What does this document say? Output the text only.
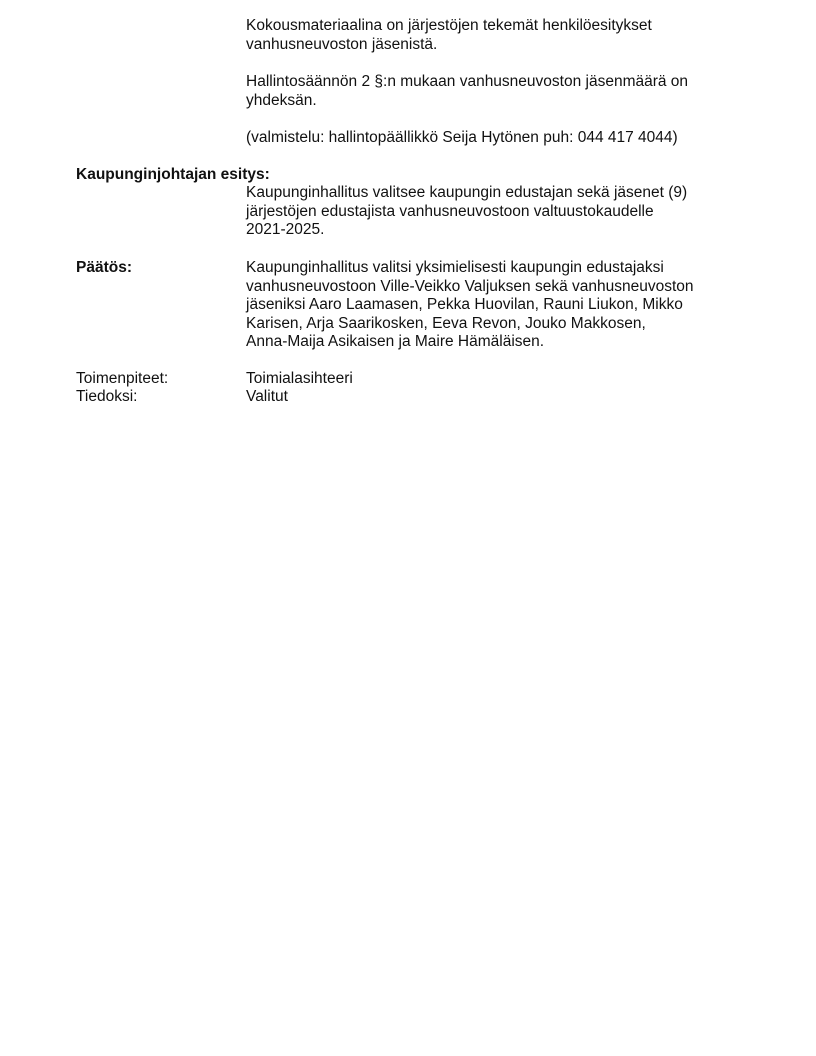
Kokousmateriaalina on järjestöjen tekemät henkilöesitykset

vanhusneuvoston jäsenistä.

Hallintosäännön 2 §:n mukaan vanhusneuvoston jäsenmäärä on

yhdeksän.

(valmistelu: hallintopäällikkö Seija Hytönen puh: 044 417 4044)

Kaupunginjohtajan esitys:

Kaupunginhallitus valitsee kaupungin edustajan sekä jäsenet (9)

järjestöjen edustajista vanhusneuvostoon valtuustokaudelle

2021-2025.

Päätös:	Kaupunginhallitus valitsi yksimielisesti kaupungin edustajaksi

vanhusneuvostoon Ville-Veikko Valjuksen sekä vanhusneuvoston

jäseniksi Aaro Laamasen, Pekka Huovilan, Rauni Liukon, Mikko

Karisen, Arja Saarikosken, Eeva Revon, Jouko Makkosen,

Anna-Maija Asikaisen ja Maire Hämäläisen.

Toimenpiteet:	Toimialasihteeri
Tiedoksi:	Valitut
